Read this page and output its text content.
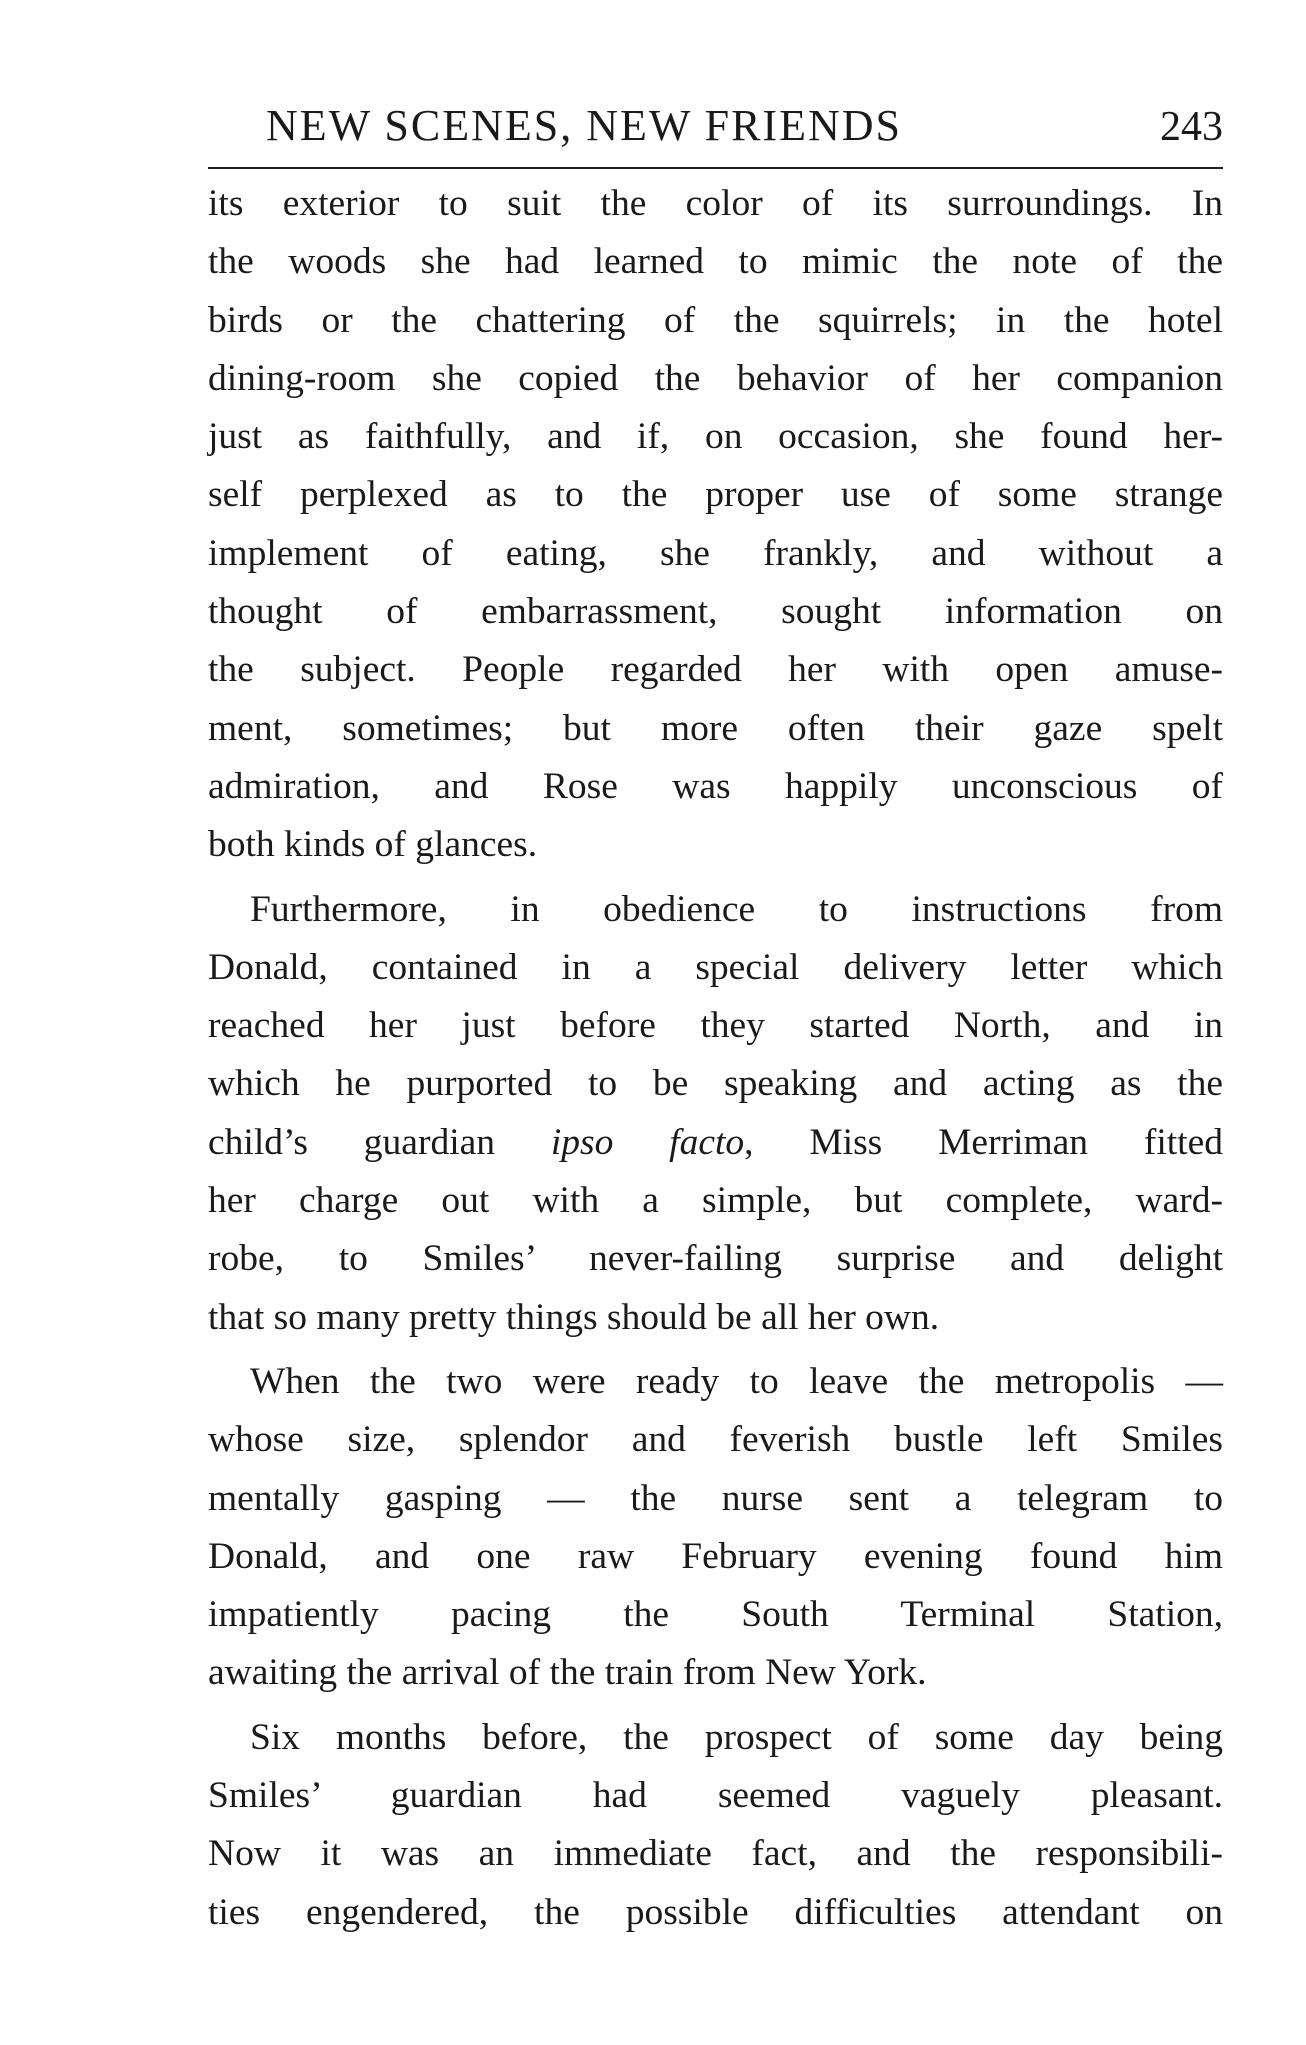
NEW SCENES, NEW FRIENDS	243

its exterior to suit the color of its surroundings. In
the woods she had learned to mimic the note of the
birds or the chattering of the squirrels; in the hotel
dining-room she copied the behavior of her companion
just as faithfully, and if, on occasion, she found her-
self perplexed as to the proper use of some strange
implement of eating, she frankly, and without a
thought of embarrassment, sought information on
the subject. People regarded her with open amuse-
ment, sometimes; but more often their gaze spelt
admiration, and Rose was happily unconscious of
both kinds of glances.

Furthermore, in obedience to instructions from
Donald, contained in a special delivery letter which
reached her just before they started North, and in
which he purported to be speaking and acting as the
child’s guardian ipso facto, Miss Merriman fitted
her charge out with a simple, but complete, ward-
robe, to Smiles’ never-failing surprise and delight
that so many pretty things should be all her own.

When the two were ready to leave the metropolis —
whose size, splendor and feverish bustle left Smiles
mentally gasping — the nurse sent a telegram to
Donald, and one raw February evening found him
impatiently pacing the South Terminal Station,
awaiting the arrival of the train from New York.

Six months before, the prospect of some day being
Smiles’ guardian had seemed vaguely pleasant.
Now it was an immediate fact, and the responsibili-
ties engendered, the possible difficulties attendant on
